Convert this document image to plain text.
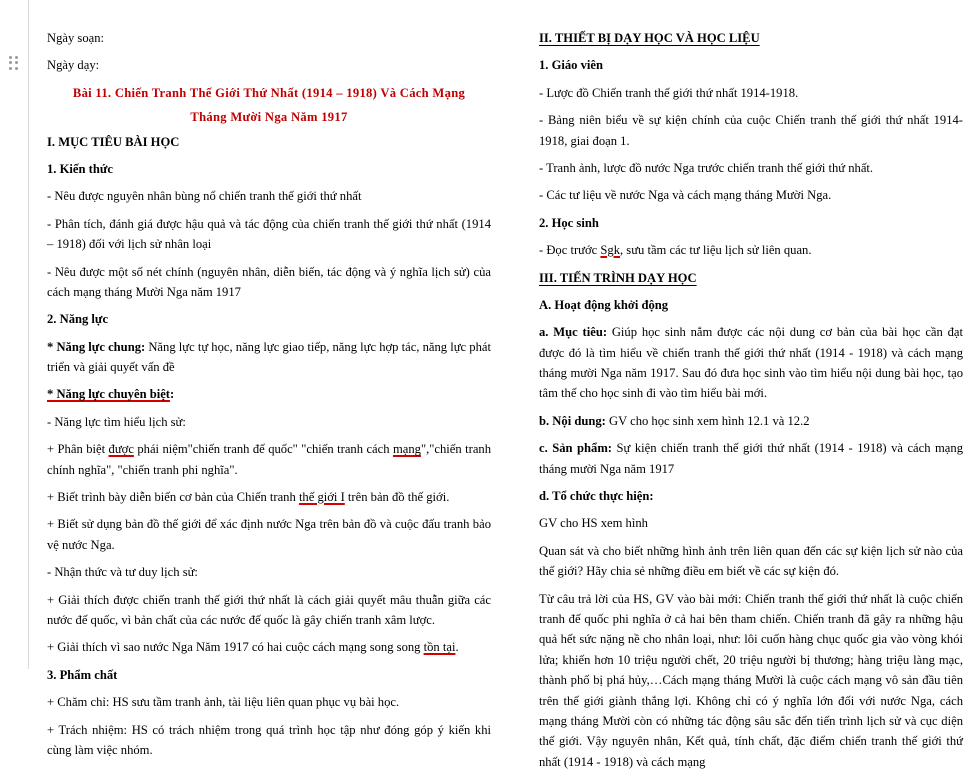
Ngày soạn:

Ngày dạy:

Bài 11. Chiến Tranh Thế Giới Thứ Nhất (1914 – 1918) Và Cách Mạng

Tháng Mười Nga Năm 1917

I. MỤC TIÊU BÀI HỌC

1. Kiến thức

- Nêu được nguyên nhân bùng nổ chiến tranh thế giới thứ nhất

- Phân tích, đánh giá được hậu quả và tác động của chiến tranh thế giới thứ nhất (1914 – 1918) đối với lịch sử nhân loại

- Nêu được một số nét chính (nguyên nhân, diễn biến, tác động và ý nghĩa lịch sử) của cách mạng tháng Mười Nga năm 1917

2. Năng lực

* Năng lực chung: Năng lực tự học, năng lực giao tiếp, năng lực hợp tác, năng lực phát triển và giải quyết vấn đề

* Năng lực chuyên biệt:

- Năng lực tìm hiểu lịch sử:

+ Phân biệt được phái niệm"chiến tranh đế quốc" "chiến tranh cách mạng","chiến tranh chính nghĩa", "chiến tranh phi nghĩa".

+ Biết trình bày diễn biến cơ bản của Chiến tranh thế giới I trên bản đồ thế giới.

+ Biết sử dụng bản đồ thế giới để xác định nước Nga trên bản đồ và cuộc đấu tranh bảo vệ nước Nga.

- Nhận thức và tư duy lịch sử:

+ Giải thích được chiến tranh thế giới thứ nhất là cách giải quyết mâu thuẫn giữa các nước đế quốc, vì bản chất của các nước đế quốc là gây chiến tranh xâm lược.

+ Giải thích vì sao nước Nga Năm 1917 có hai cuộc cách mạng song song tồn tại.

3. Phẩm chất

+ Chăm chỉ: HS sưu tầm tranh ảnh, tài liệu liên quan phục vụ bài học.

+ Trách nhiệm: HS có trách nhiệm trong quá trình học tập như đóng góp ý kiến khi cùng làm việc nhóm.

II. THIẾT BỊ DẠY HỌC VÀ HỌC LIỆU

1. Giáo viên

- Lược đồ Chiến tranh thế giới thứ nhất 1914-1918.

- Bảng niên biểu về sự kiện chính của cuộc Chiến tranh thế giới thứ nhất 1914-1918, giai đoạn 1.

- Tranh ảnh, lược đồ nước Nga trước chiến tranh thế giới thứ nhất.

- Các tư liệu về nước Nga và cách mạng tháng Mười Nga.

2. Học sinh

- Đọc trước Sgk, sưu tầm các tư liệu lịch sử liên quan.

III. TIẾN TRÌNH DẠY HỌC

A. Hoạt động khởi động

a. Mục tiêu: Giúp học sinh nắm được các nội dung cơ bản của bài học cần đạt được đó là tìm hiểu về chiến tranh thế giới thứ nhất (1914 - 1918) và cách mạng tháng mười Nga năm 1917. Sau đó đưa học sinh vào tìm hiểu nội dung bài học, tạo tâm thế cho học sinh đi vào tìm hiểu bài mới.

b. Nội dung: GV cho học sinh xem hình 12.1 và 12.2

c. Sản phẩm: Sự kiện chiến tranh thế giới thứ nhất (1914 - 1918) và cách mạng tháng mười Nga năm 1917

d. Tổ chức thực hiện:

GV cho HS xem hình

Quan sát và cho biết những hình ảnh trên liên quan đến các sự kiện lịch sử nào của thế giới? Hãy chia sẻ những điều em biết về các sự kiện đó.

Từ câu trả lời của HS, GV vào bài mới: Chiến tranh thế giới thứ nhất là cuộc chiến tranh đế quốc phi nghĩa ở cả hai bên tham chiến. Chiến tranh đã gây ra những hậu quả hết sức nặng nề cho nhân loại, như: lôi cuốn hàng chục quốc gia vào vòng khói lửa; khiến hơn 10 triệu người chết, 20 triệu người bị thương; hàng triệu làng mạc, thành phố bị phá hủy,…Cách mạng tháng Mười là cuộc cách mạng vô sản đầu tiên trên thế giới giành thắng lợi. Không chỉ có ý nghĩa lớn đối với nước Nga, cách mạng tháng Mười còn có những tác động sâu sắc đến tiến trình lịch sử và cục diện thế giới. Vậy nguyên nhân, Kết quả, tính chất, đặc điểm chiến tranh thế giới thứ nhất (1914 - 1918) và cách mạng
